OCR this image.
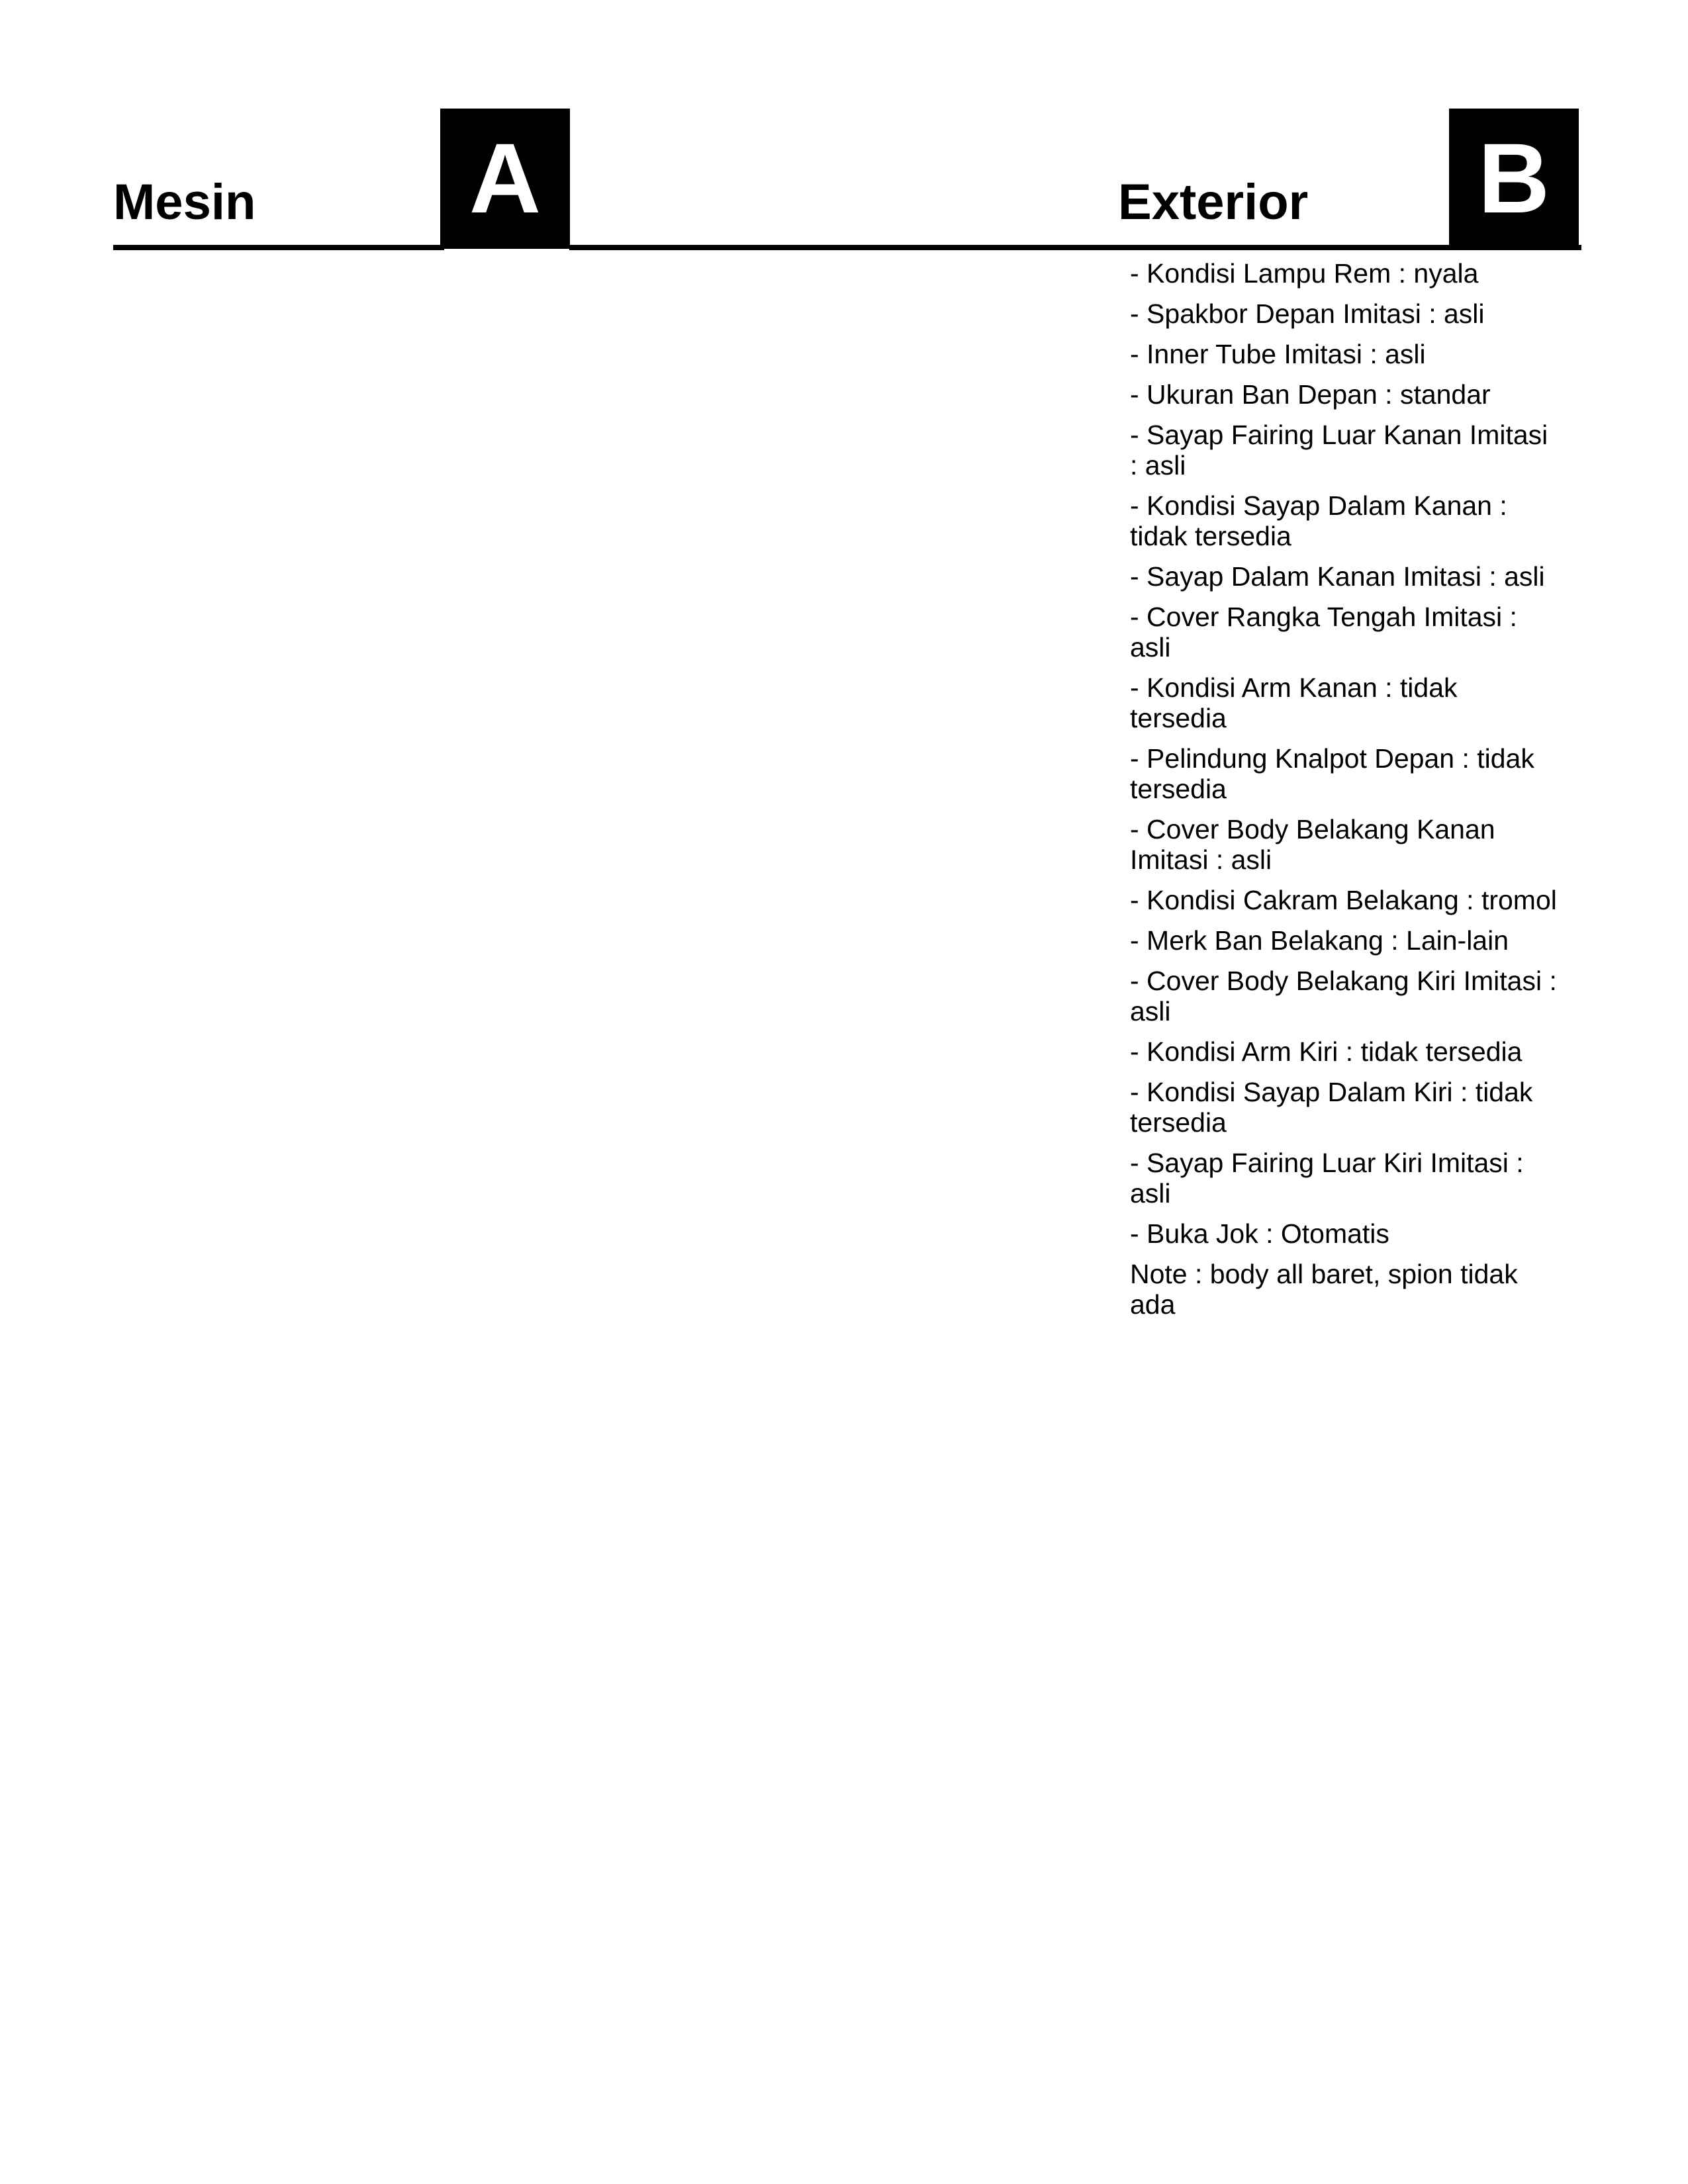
Mesin A	Exterior B
- Kondisi Lampu Rem : nyala
- Spakbor Depan Imitasi : asli
- Inner Tube Imitasi : asli
- Ukuran Ban Depan : standar
- Sayap Fairing Luar Kanan Imitasi : asli
- Kondisi Sayap Dalam Kanan : tidak tersedia
- Sayap Dalam Kanan Imitasi : asli
- Cover Rangka Tengah Imitasi : asli
- Kondisi Arm Kanan : tidak tersedia
- Pelindung Knalpot Depan : tidak tersedia
- Cover Body Belakang Kanan Imitasi : asli
- Kondisi Cakram Belakang : tromol
- Merk Ban Belakang : Lain-lain
- Cover Body Belakang Kiri Imitasi : asli
- Kondisi Arm Kiri : tidak tersedia
- Kondisi Sayap Dalam Kiri : tidak tersedia
- Sayap Fairing Luar Kiri Imitasi : asli
- Buka Jok : Otomatis
Note : body all baret, spion tidak ada
